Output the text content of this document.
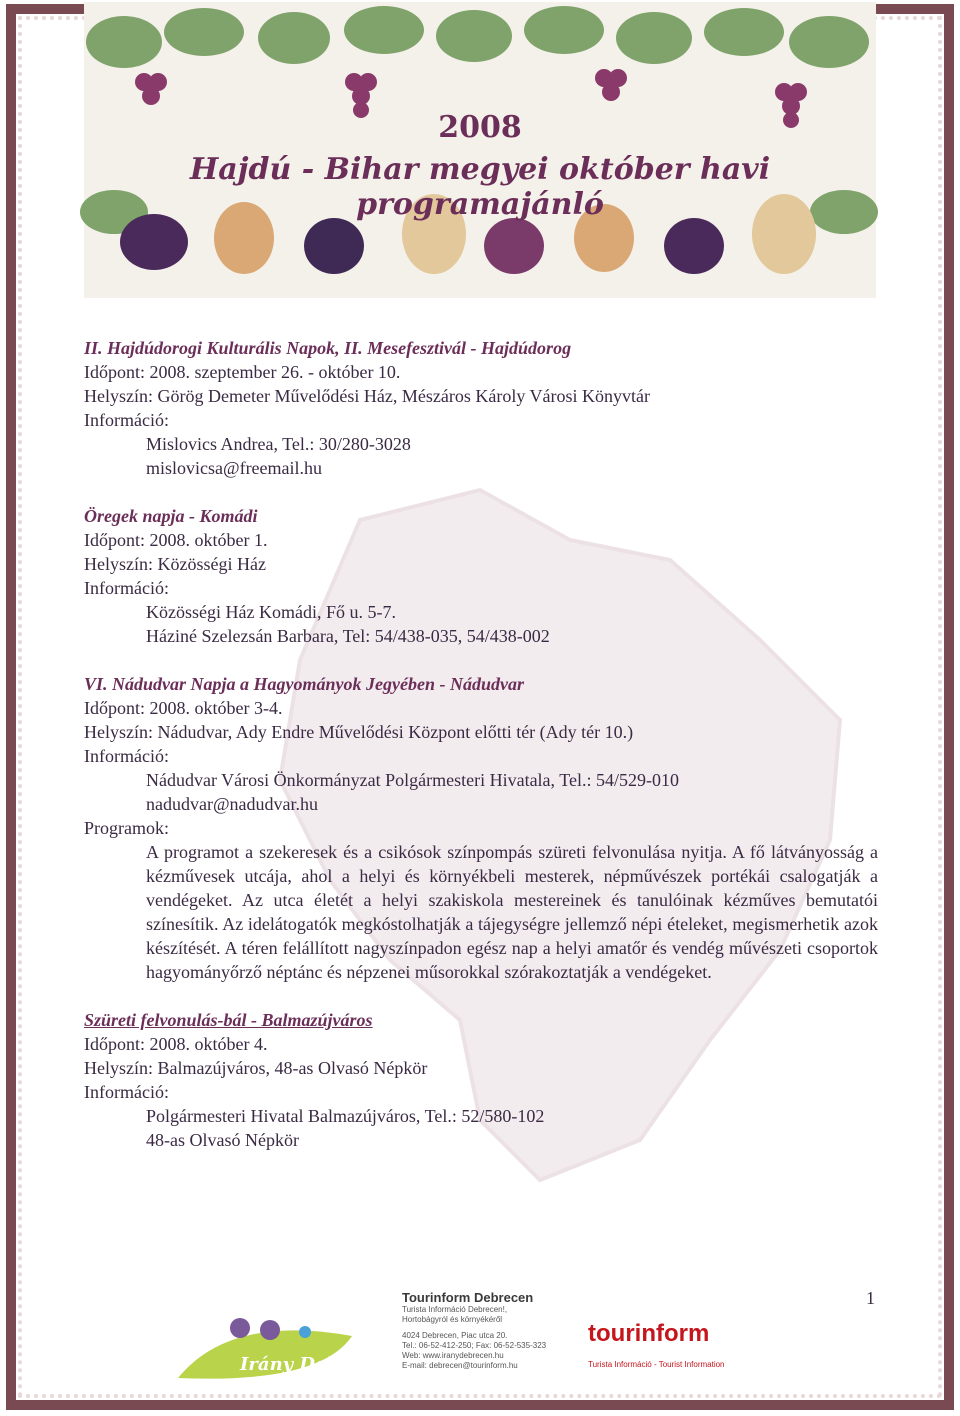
2008
Hajdú - Bihar megyei október havi programajánló
II. Hajdúdorogi Kulturális Napok, II. Mesefesztivál - Hajdúdorog
Időpont: 2008. szeptember 26. - október 10.
Helyszín: Görög Demeter Művelődési Ház, Mészáros Károly Városi Könyvtár
Információ:
Mislovics Andrea, Tel.: 30/280-3028
mislovicsa@freemail.hu
Öregek napja - Komádi
Időpont: 2008. október 1.
Helyszín: Közösségi Ház
Információ:
Közösségi Ház Komádi, Fő u. 5-7.
Háziné Szelezsán Barbara, Tel: 54/438-035, 54/438-002
VI. Nádudvar Napja a Hagyományok Jegyében - Nádudvar
Időpont: 2008. október 3-4.
Helyszín: Nádudvar, Ady Endre Művelődési Központ előtti tér (Ady tér 10.)
Információ:
Nádudvar Városi Önkormányzat Polgármesteri Hivatala, Tel.: 54/529-010
nadudvar@nadudvar.hu
Programok:
A programot a szekeresek és a csikósok színpompás szüreti felvonulása nyitja. A fő látványosság a kézművesek utcája, ahol a helyi és környékbeli mesterek, népművészek portékái csalogatják a vendégeket. Az utca életét a helyi szakiskola mestereinek és tanulóinak kézműves bemutatói színesítik. Az idelátogatók megkóstolhatják a tájegységre jellemző népi ételeket, megismerhetik azok készítését. A téren felállított nagyszínpadon egész nap a helyi amatőr és vendég művészeti csoportok hagyományőrző néptánc és népzenei műsorokkal szórakoztatják a vendégeket.
Szüreti felvonulás-bál - Balmazújváros
Időpont: 2008. október 4.
Helyszín: Balmazújváros, 48-as Olvasó Népkör
Információ:
Polgármesteri Hivatal Balmazújváros, Tel.: 52/580-102
48-as Olvasó Népkör
1
Irány Debrecen
Tourinform Debrecen
Turista Információ Debrecen!,
Hortobágyról és környékéről
4024 Debrecen, Piac utca 20.
Tel.: 06-52-412-250; Fax: 06-52-535-323
Web: www.iranydebrecen.hu
E-mail: debrecen@tourinform.hu
tourinform
Turista Információ - Tourist Information
